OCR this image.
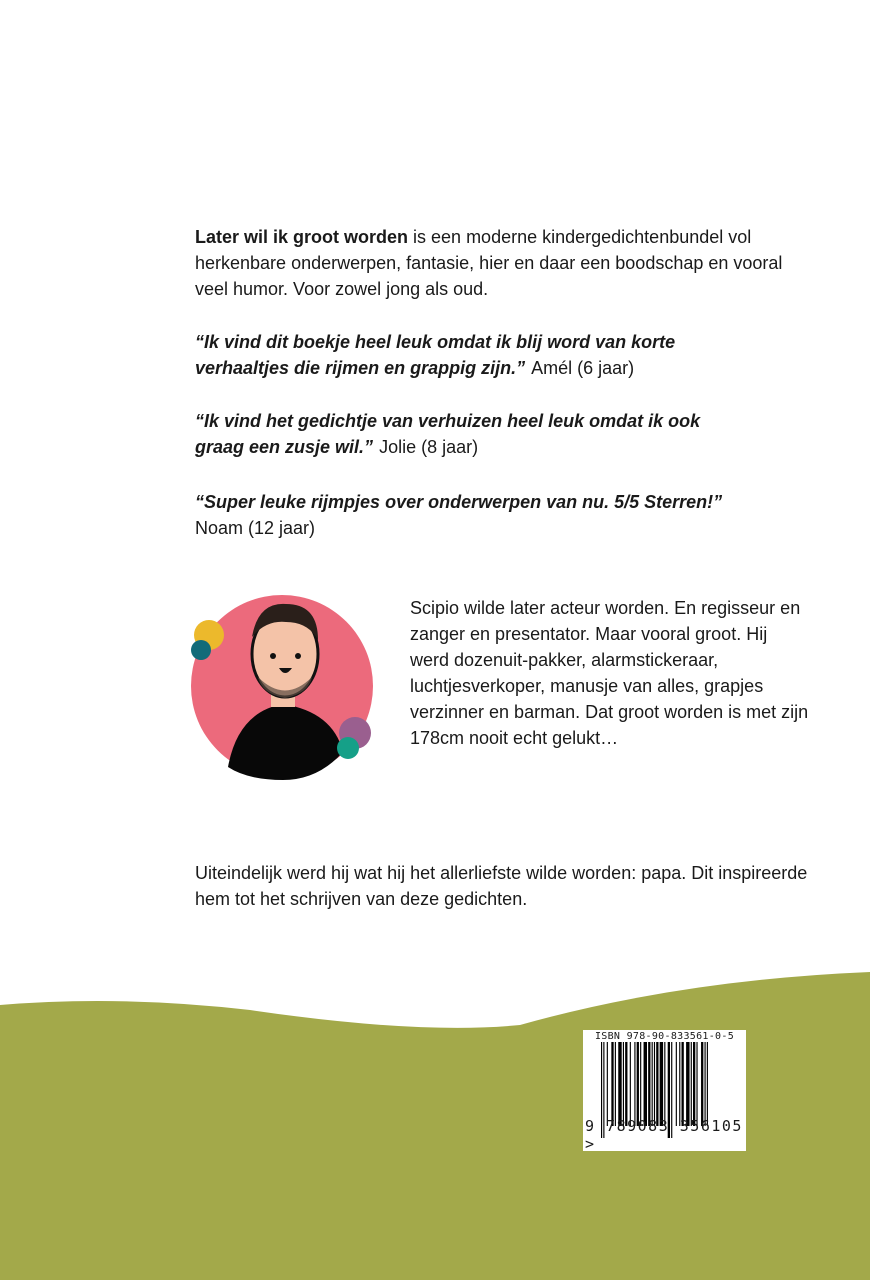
Later wil ik groot worden is een moderne kindergedichtenbundel vol herkenbare onderwerpen, fantasie, hier en daar een boodschap en vooral veel humor. Voor zowel jong als oud.
“Ik vind dit boekje heel leuk omdat ik blij word van korte verhaaltjes die rijmen en grappig zijn.” Amél (6 jaar)
“Ik vind het gedichtje van verhuizen heel leuk omdat ik ook graag een zusje wil.” Jolie (8 jaar)
“Super leuke rijmpjes over onderwerpen van nu. 5/5 Sterren!”
Noam (12 jaar)
Scipio wilde later acteur worden. En regisseur en zanger en presentator. Maar vooral groot. Hij werd dozenuit-pakker, alarmstickeraar, luchtjesverkoper, manusje van alles, grapjes verzinner en barman. Dat groot worden is met zijn 178cm nooit echt gelukt…
Uiteindelijk werd hij wat hij het allerliefste wilde worden: papa. Dit inspireerde hem tot het schrijven van deze gedichten.
ISBN 978-90-833561-0-5
9 789083 356105 >
